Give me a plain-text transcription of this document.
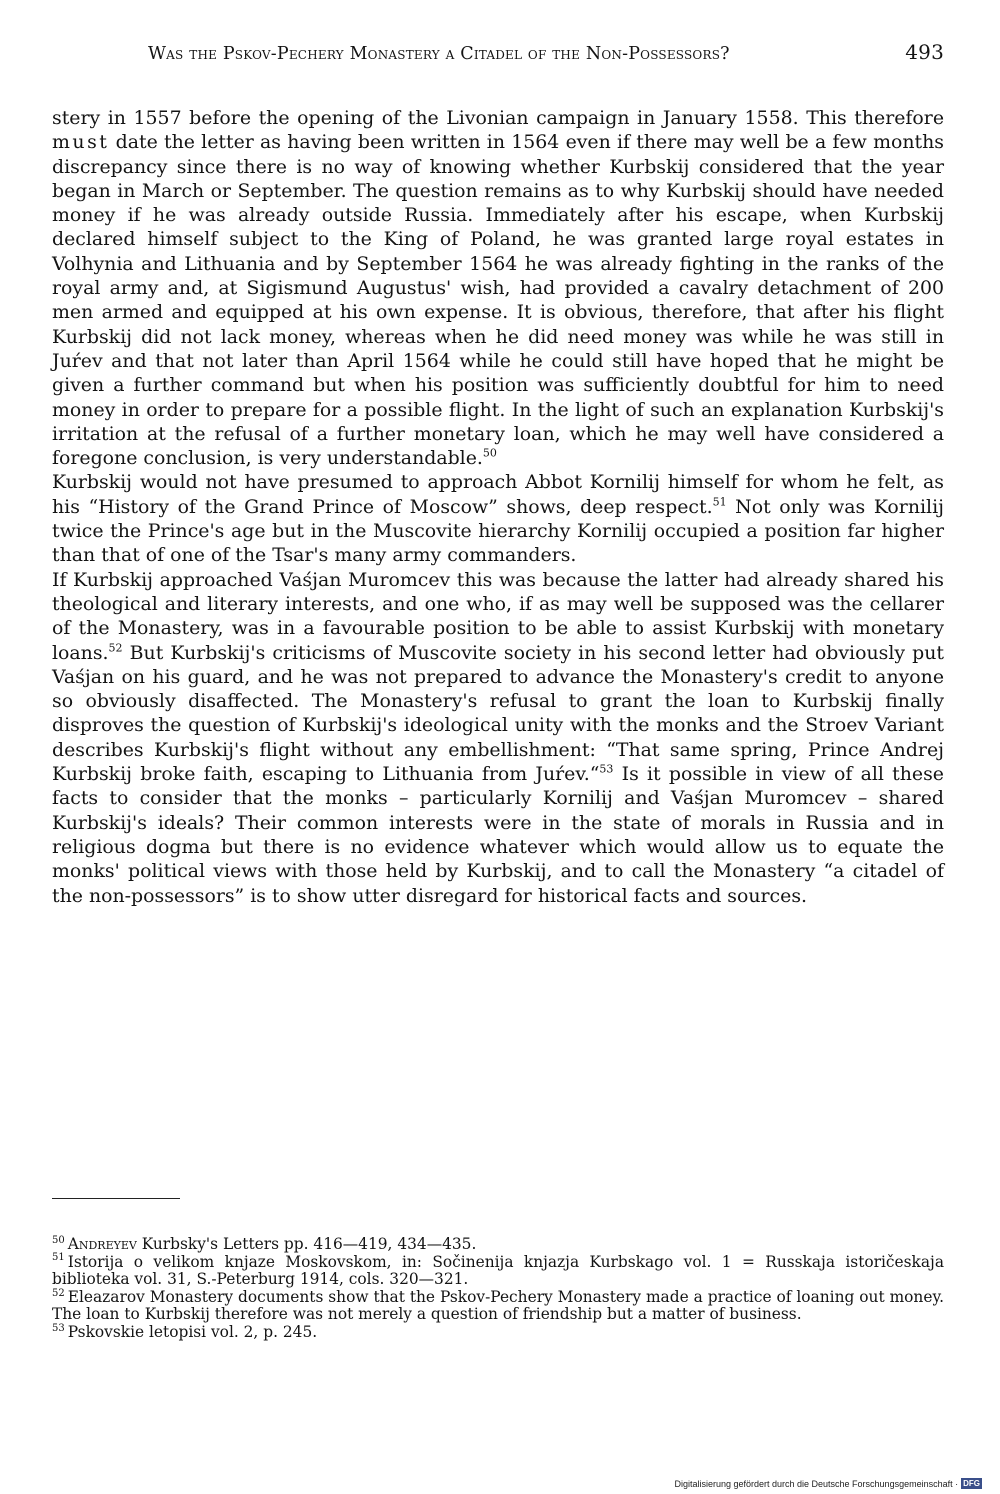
Was the Pskov-Pechery Monastery a Citadel of the Non-Possessors?	493

stery in 1557 before the opening of the Livonian campaign in January 1558. This therefore must date the letter as having been written in 1564 even if there may well be a few months discrepancy since there is no way of knowing whether Kurbskij considered that the year began in March or September. The question remains as to why Kurbskij should have needed money if he was already outside Russia. Immediately after his escape, when Kurbskij declared himself subject to the King of Poland, he was granted large royal estates in Volhynia and Lithuania and by September 1564 he was already fighting in the ranks of the royal army and, at Sigismund Augustus' wish, had provided a cavalry detachment of 200 men armed and equipped at his own expense. It is obvious, therefore, that after his flight Kurbskij did not lack money, whereas when he did need money was while he was still in Juŕev and that not later than April 1564 while he could still have hoped that he might be given a further command but when his position was sufficiently doubtful for him to need money in order to prepare for a possible flight. In the light of such an explanation Kurbskij's irritation at the refusal of a further monetary loan, which he may well have considered a foregone conclusion, is very understandable.$^{50}$

Kurbskij would not have presumed to approach Abbot Kornilij himself for whom he felt, as his “History of the Grand Prince of Moscow” shows, deep respect.$^{51}$ Not only was Kornilij twice the Prince's age but in the Muscovite hierarchy Kornilij occupied a position far higher than that of one of the Tsar's many army commanders.

If Kurbskij approached Vaśjan Muromcev this was because the latter had already shared his theological and literary interests, and one who, if as may well be supposed was the cellarer of the Monastery, was in a favourable position to be able to assist Kurbskij with monetary loans.$^{52}$ But Kurbskij's criticisms of Muscovite society in his second letter had obviously put Vaśjan on his guard, and he was not prepared to advance the Monastery's credit to anyone so obviously disaffected. The Monastery's refusal to grant the loan to Kurbskij finally disproves the question of Kurbskij's ideological unity with the monks and the Stroev Variant describes Kurbskij's flight without any embellishment: “That same spring, Prince Andrej Kurbskij broke faith, escaping to Lithuania from Juŕev.“$^{53}$ Is it possible in view of all these facts to consider that the monks – particularly Kornilij and Vaśjan Muromcev – shared Kurbskij's ideals? Their common interests were in the state of morals in Russia and in religious dogma but there is no evidence whatever which would allow us to equate the monks' political views with those held by Kurbskij, and to call the Monastery “a citadel of the non-possessors” is to show utter disregard for historical facts and sources.

$^{50}$ Andreyev Kurbsky's Letters pp. 416—419, 434—435.

$^{51}$ Istorija o velikom knjaze Moskovskom, in: Sočinenija knjazja Kurbskago vol. 1 = Russkaja istoričeskaja biblioteka vol. 31, S.-Peterburg 1914, cols. 320—321.

$^{52}$ Eleazarov Monastery documents show that the Pskov-Pechery Monastery made a practice of loaning out money. The loan to Kurbskij therefore was not merely a question of friendship but a matter of business.

$^{53}$ Pskovskie letopisi vol. 2, p. 245.

Digitalisierung gefördert durch die Deutsche Forschungsgemeinschaft · DFG
